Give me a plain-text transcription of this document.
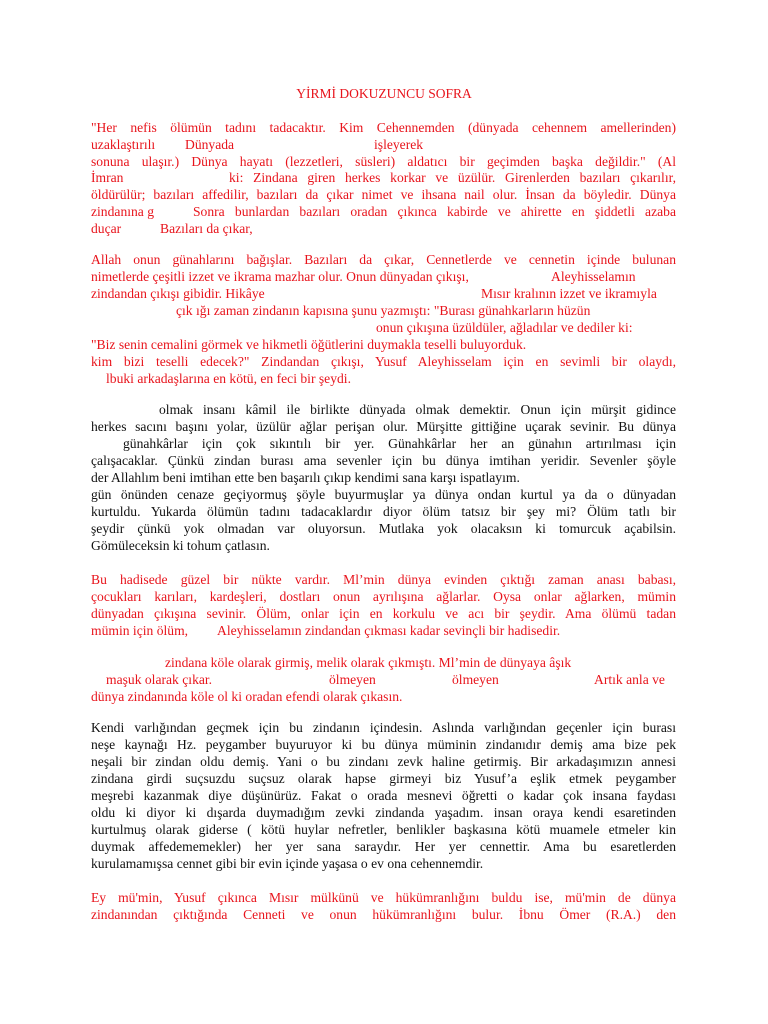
YİRMİ DOKUZUNCU SOFRA
"Her nefis ölümün tadını tadacaktır. Kim Cehennemden (dünyada cehennem amellerinden)
uzaklaştırılı Dünyada	işleyerek
sonuna ulaşır.) Dünya hayatı (lezzetleri, süsleri) aldatıcı bir geçimden başka değildir." (Al
İmran	ki: Zindana giren herkes korkar ve üzülür. Girenlerden bazıları çıkarılır,
öldürülür; bazıları affedilir, bazıları da çıkar nimet ve ihsana nail olur. İnsan da böyledir. Dünya
zindanına g	Sonra bunlardan bazıları oradan çıkınca kabirde ve ahirette en şiddetli azaba
duçar	Bazıları da çıkar,
Allah onun günahlarını bağışlar. Bazıları da çıkar, Cennetlerde ve cennetin içinde bulunan
nimetlerde çeşitli izzet ve ikrama mazhar olur. Onun dünyadan çıkışı,	Aleyhisselamın
zindandan çıkışı gibidir. Hikâye	Mısır kralının izzet ve ikramıyla
çık ığı zaman zindanın kapısına şunu yazmıştı: "Burası günahkarların hüzün
onun çıkışına üzüldüler, ağladılar ve dediler ki:
"Biz senin cemalini görmek ve hikmetli öğütlerini duymakla teselli buluyorduk.
kim bizi teselli edecek?" Zindandan çıkışı, Yusuf Aleyhisselam için en sevimli bir olaydı,
lbuki arkadaşlarına en kötü, en feci bir şeydi.
olmak insanı kâmil ile birlikte dünyada olmak demektir. Onun için mürşit gidince
herkes sacını başını yolar, üzülür ağlar perişan olur. Mürşitte gittiğine uçarak sevinir. Bu dünya
günahkârlar için çok sıkıntılı bir yer. Günahkârlar her an günahın artırılması için
çalışacaklar. Çünkü zindan burası ama sevenler için bu dünya imtihan yeridir. Sevenler şöyle
der Allahlım beni imtihan ette ben başarılı çıkıp kendimi sana karşı ispatlayım.
gün önünden cenaze geçiyormuş şöyle buyurmuşlar ya dünya ondan kurtul ya da o dünyadan
kurtuldu. Yukarda ölümün tadını tadacaklardır diyor ölüm tatsız bir şey mi? Ölüm tatlı bir
şeydir çünkü yok olmadan var oluyorsun. Mutlaka yok olacaksın ki tomurcuk açabilsin.
Gömüleceksin ki tohum çatlasın.
Bu hadisede güzel bir nükte vardır. Ml’min dünya evinden çıktığı zaman anası babası,
çocukları karıları, kardeşleri, dostları onun ayrılışına ağlarlar. Oysa onlar ağlarken, mümin
dünyadan çıkışına sevinir. Ölüm, onlar için en korkulu ve acı bir şeydir. Ama ölümü tadan
mümin için ölüm, Aleyhisselamın zindandan çıkması kadar sevinçli bir hadisedir.
zindana köle olarak girmiş, melik olarak çıkmıştı. Ml’min de dünyaya âşık
maşuk olarak çıkar.	ölmeyen	ölmeyen	Artık anla ve
dünya zindanında köle ol ki oradan efendi olarak çıkasın.
Kendi varlığından geçmek için bu zindanın içindesin. Aslında varlığından geçenler için burası
neşe kaynağı Hz. peygamber buyuruyor ki bu dünya müminin zindanıdır demiş ama bize pek
neşali bir zindan oldu demiş. Yani o bu zindanı zevk haline getirmiş. Bir arkadaşımızın annesi
zindana girdi suçsuzdu suçsuz olarak hapse girmeyi biz Yusuf’a eşlik etmek peygamber
meşrebi kazanmak diye düşünürüz. Fakat o orada mesnevi öğretti o kadar çok insana faydası
oldu ki diyor ki dışarda duymadığım zevki zindanda yaşadım. insan oraya kendi esaretinden
kurtulmuş olarak giderse ( kötü huylar nefretler, benlikler başkasına kötü muamele etmeler kin
duymak affedememekler) her yer sana saraydır. Her yer cennettir. Ama bu esaretlerden
kurulamamışsa cennet gibi bir evin içinde yaşasa o ev ona cehennemdir.
Ey mü'min, Yusuf çıkınca Mısır mülkünü ve hükümranlığını buldu ise, mü'min de dünya
zindanından çıktığında Cenneti ve onun hükümranlığını bulur. İbnu Ömer (R.A.) den
